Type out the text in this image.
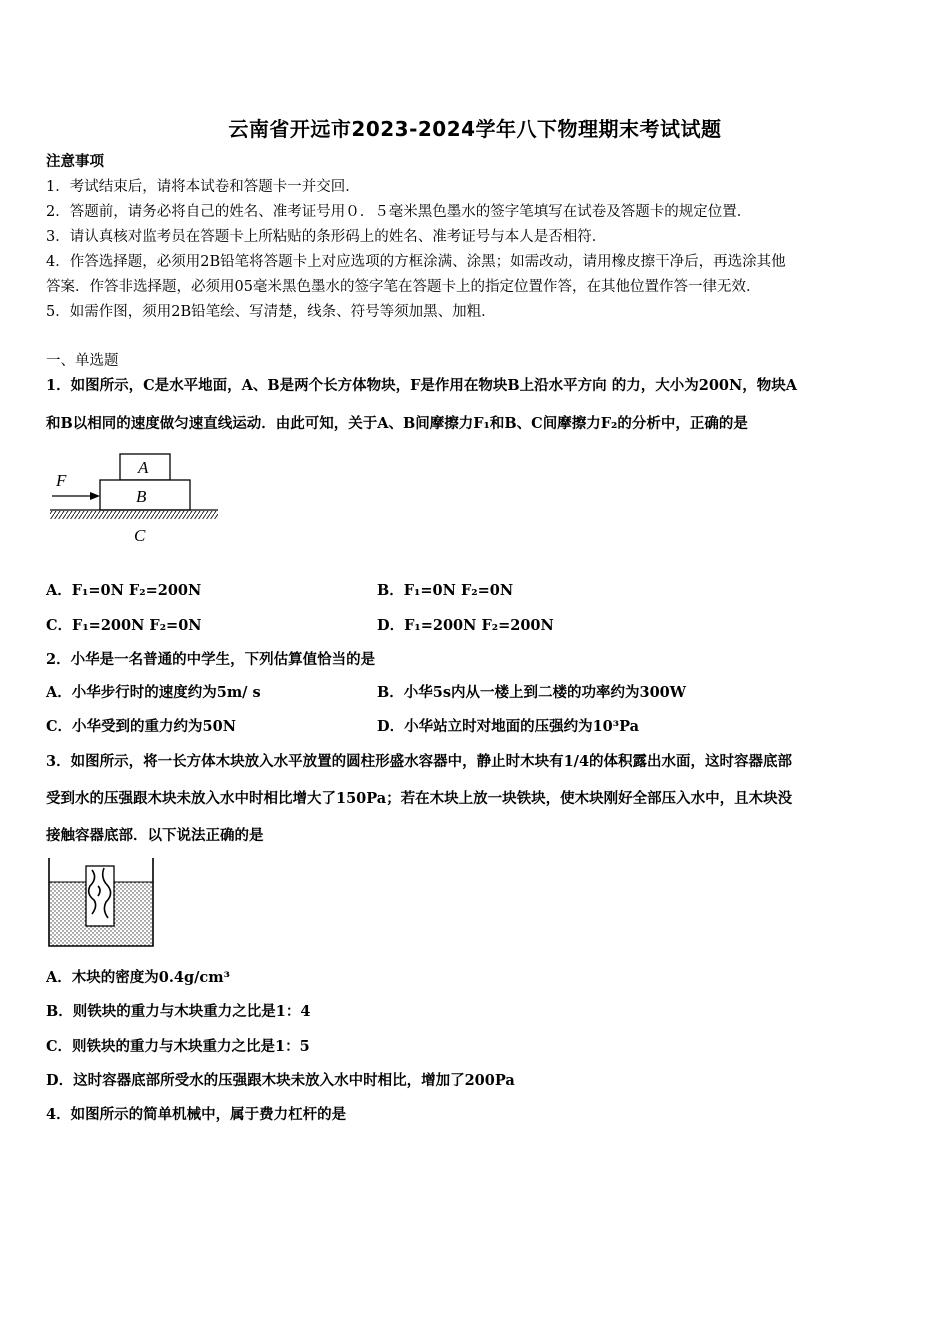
云南省开远市2023-2024学年八下物理期末考试试题
注意事项
1．考试结束后，请将本试卷和答题卡一并交回．
2．答题前，请务必将自己的姓名、准考证号用０．５毫米黑色墨水的签字笔填写在试卷及答题卡的规定位置．
3．请认真核对监考员在答题卡上所粘贴的条形码上的姓名、准考证号与本人是否相符．
4．作答选择题，必须用2B铅笔将答题卡上对应选项的方框涂满、涂黑；如需改动，请用橡皮擦干净后，再选涂其他
答案．作答非选择题，必须用05毫米黑色墨水的签字笔在答题卡上的指定位置作答，在其他位置作答一律无效．
5．如需作图，须用2B铅笔绘、写清楚，线条、符号等须加黑、加粗．
一、单选题
1．如图所示，C是水平地面，A、B是两个长方体物块，F是作用在物块B上沿水平方向 的力，大小为200N，物块A
和B以相同的速度做匀速直线运动．由此可知，关于A、B间摩擦力F₁和B、C间摩擦力F₂的分析中，正确的是
A
B
F
C
A．F₁=0N F₂=200N	B．F₁=0N F₂=0N
C．F₁=200N F₂=0N	D．F₁=200N F₂=200N
2．小华是一名普通的中学生，下列估算值恰当的是
A．小华步行时的速度约为5m/ s	B．小华5s内从一楼上到二楼的功率约为300W
C．小华受到的重力约为50N	D．小华站立时对地面的压强约为10³Pa
3．如图所示，将一长方体木块放入水平放置的圆柱形盛水容器中，静止时木块有1/4的体积露出水面，这时容器底部
受到水的压强跟木块未放入水中时相比增大了150Pa；若在木块上放一块铁块，使木块刚好全部压入水中，且木块没
接触容器底部．以下说法正确的是
A．木块的密度为0.4g/cm³
B．则铁块的重力与木块重力之比是1：4
C．则铁块的重力与木块重力之比是1：5
D．这时容器底部所受水的压强跟木块未放入水中时相比，增加了200Pa
4．如图所示的简单机械中，属于费力杠杆的是
